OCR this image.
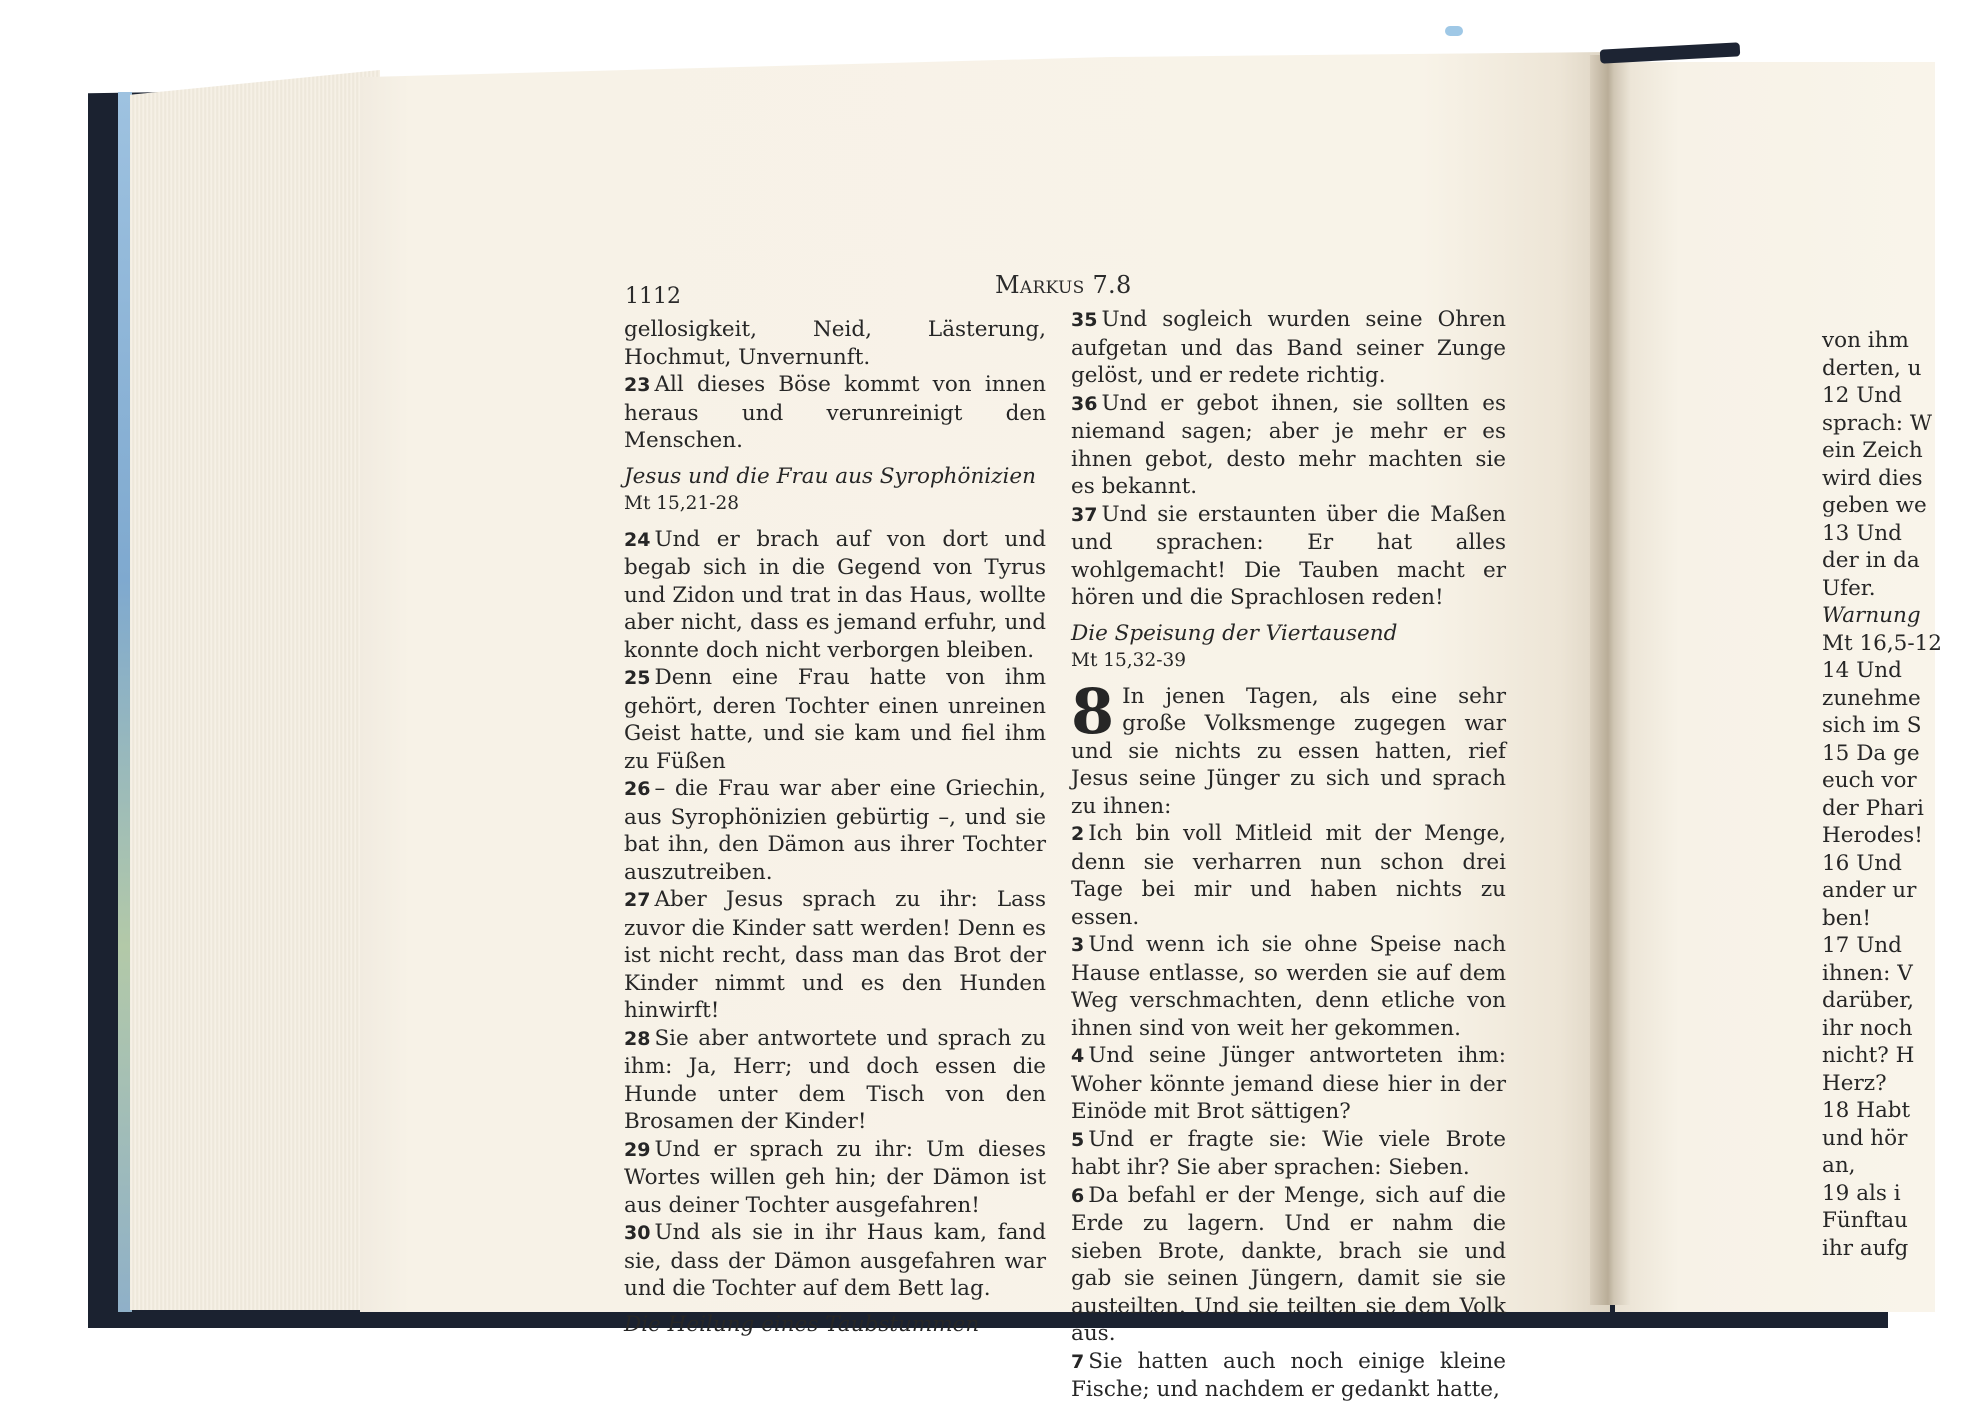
1112	Markus 7.8

gellosigkeit, Neid, Lästerung, Hochmut, Unvernunft.

23 All dieses Böse kommt von innen heraus und verunreinigt den Menschen.

Jesus und die Frau aus Syrophönizien

Mt 15,21-28

24 Und er brach auf von dort und begab sich in die Gegend von Tyrus und Zidon und trat in das Haus, wollte aber nicht, dass es jemand erfuhr, und konnte doch nicht verborgen bleiben.

25 Denn eine Frau hatte von ihm gehört, deren Tochter einen unreinen Geist hatte, und sie kam und fiel ihm zu Füßen

26 – die Frau war aber eine Griechin, aus Syrophönizien gebürtig –, und sie bat ihn, den Dämon aus ihrer Tochter auszutreiben.

27 Aber Jesus sprach zu ihr: Lass zuvor die Kinder satt werden! Denn es ist nicht recht, dass man das Brot der Kinder nimmt und es den Hunden hinwirft!

28 Sie aber antwortete und sprach zu ihm: Ja, Herr; und doch essen die Hunde unter dem Tisch von den Brosamen der Kinder!

29 Und er sprach zu ihr: Um dieses Wortes willen geh hin; der Dämon ist aus deiner Tochter ausgefahren!

30 Und als sie in ihr Haus kam, fand sie, dass der Dämon ausgefahren war und die Tochter auf dem Bett lag.

Die Heilung eines Taubstummen

35 Und sogleich wurden seine Ohren aufgetan und das Band seiner Zunge gelöst, und er redete richtig.

36 Und er gebot ihnen, sie sollten es niemand sagen; aber je mehr er es ihnen gebot, desto mehr machten sie es bekannt.

37 Und sie erstaunten über die Maßen und sprachen: Er hat alles wohlgemacht! Die Tauben macht er hören und die Sprachlosen reden!

Die Speisung der Viertausend

Mt 15,32-39

8 In jenen Tagen, als eine sehr große Volksmenge zugegen war und sie nichts zu essen hatten, rief Jesus seine Jünger zu sich und sprach zu ihnen:

2 Ich bin voll Mitleid mit der Menge, denn sie verharren nun schon drei Tage bei mir und haben nichts zu essen.

3 Und wenn ich sie ohne Speise nach Hause entlasse, so werden sie auf dem Weg verschmachten, denn etliche von ihnen sind von weit her gekommen.

4 Und seine Jünger antworteten ihm: Woher könnte jemand diese hier in der Einöde mit Brot sättigen?

5 Und er fragte sie: Wie viele Brote habt ihr? Sie aber sprachen: Sieben.

6 Da befahl er der Menge, sich auf die Erde zu lagern. Und er nahm die sieben Brote, dankte, brach sie und gab sie seinen Jüngern, damit sie sie austeilten. Und sie teilten sie dem Volk aus.

7 Sie hatten auch noch einige kleine Fische; und nachdem er gedankt hatte,

von ihm

derten, u

12 Und

sprach: W

ein Zeich

wird dies

geben we

13 Und

der in da

Ufer.

Warnung

Mt 16,5-12

14 Und

zunehme

sich im S

15 Da ge

euch vor

der Phari

Herodes!

16 Und

ander ur

ben!

17 Und

ihnen: V

darüber,

ihr noch

nicht? H

Herz?

18 Habt

und hör

an,

19 als i

Fünftau

ihr aufg
